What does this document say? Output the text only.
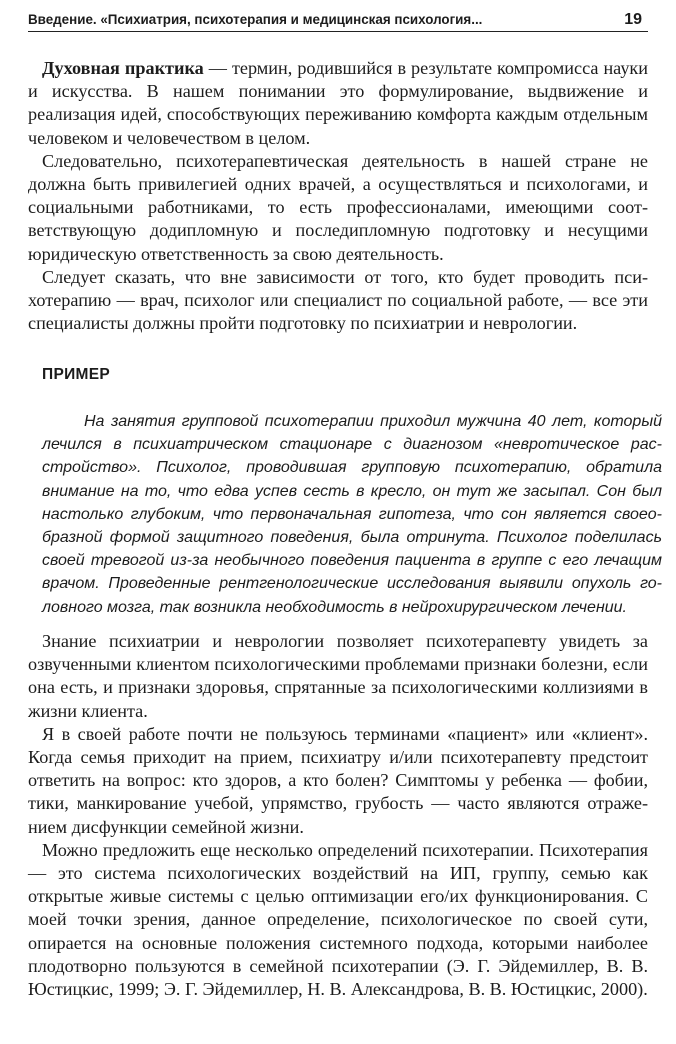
Введение. «Психиатрия, психотерапия и медицинская психология...	19

Духовная практика — термин, родившийся в результате компромисса науки и искусства. В нашем понимании это формулирование, выдвижение и реализация идей, способствующих переживанию комфорта каждым отдельным человеком и человечеством в целом.

Следовательно, психотерапевтическая деятельность в нашей стране не должна быть привилегией одних врачей, а осуществляться и психологами, и социальными работниками, то есть профессионалами, имеющими соответствующую додипломную и последипломную подготовку и несущими юридическую ответственность за свою деятельность.

Следует сказать, что вне зависимости от того, кто будет проводить психотерапию — врач, психолог или специалист по социальной работе, — все эти специалисты должны пройти подготовку по психиатрии и неврологии.

ПРИМЕР

На занятия групповой психотерапии приходил мужчина 40 лет, который лечился в психиатрическом стационаре с диагнозом «невротическое расстройство». Психолог, проводившая групповую психотерапию, обратила внимание на то, что едва успев сесть в кресло, он тут же засыпал. Сон был настолько глубоким, что первоначальная гипотеза, что сон является своеобразной формой защитного поведения, была отринута. Психолог поделилась своей тревогой из-за необычного поведения пациента в группе с его лечащим врачом. Проведенные рентгенологические исследования выявили опухоль головного мозга, так возникла необходимость в нейрохирургическом лечении.

Знание психиатрии и неврологии позволяет психотерапевту увидеть за озвученными клиентом психологическими проблемами признаки болезни, если она есть, и признаки здоровья, спрятанные за психологическими коллизиями в жизни клиента.

Я в своей работе почти не пользуюсь терминами «пациент» или «клиент». Когда семья приходит на прием, психиатру и/или психотерапевту предстоит ответить на вопрос: кто здоров, а кто болен? Симптомы у ребенка — фобии, тики, манкирование учебой, упрямство, грубость — часто являются отражением дисфункции семейной жизни.

Можно предложить еще несколько определений психотерапии. Психотерапия — это система психологических воздействий на ИП, группу, семью как открытые живые системы с целью оптимизации его/их функционирования. С моей точки зрения, данное определение, психологическое по своей сути, опирается на основные положения системного подхода, которыми наиболее плодотворно пользуются в семейной психотерапии (Э. Г. Эйдемиллер, В. В. Юстицкис, 1999; Э. Г. Эйдемиллер, Н. В. Александрова, В. В. Юстицкис, 2000).
